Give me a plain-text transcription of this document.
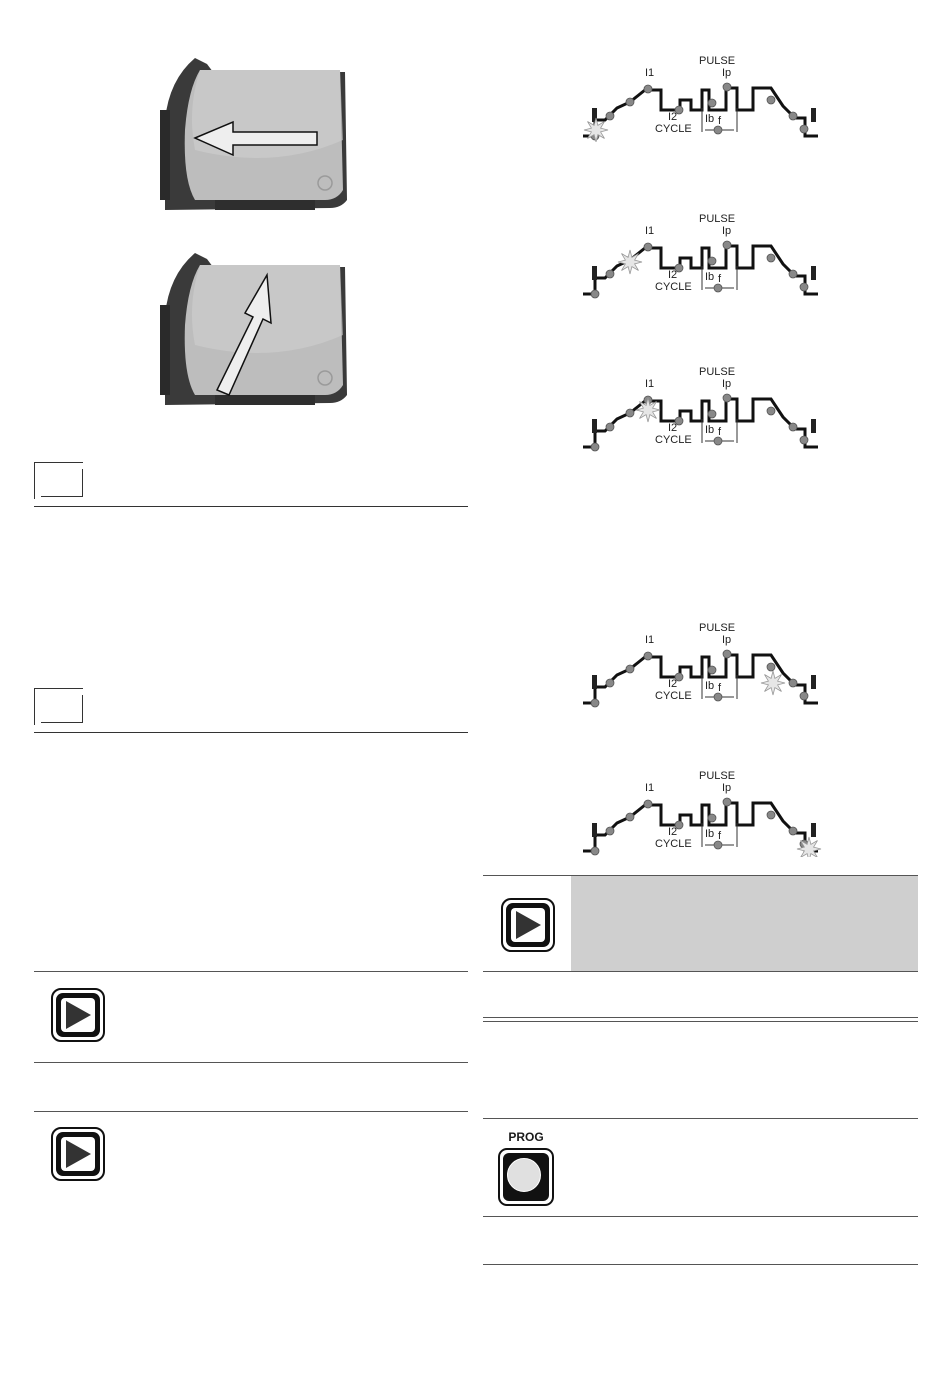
PULSE
Ip
I1
I2
CYCLE
Ib f
PULSE
Ip
I1
I2
CYCLE
Ib f
PULSE
Ip
I1
I2
CYCLE
Ib f
PULSE
Ip
I1
I2
CYCLE
Ib f
PULSE
Ip
I1
I2
CYCLE
Ib f
PROG
